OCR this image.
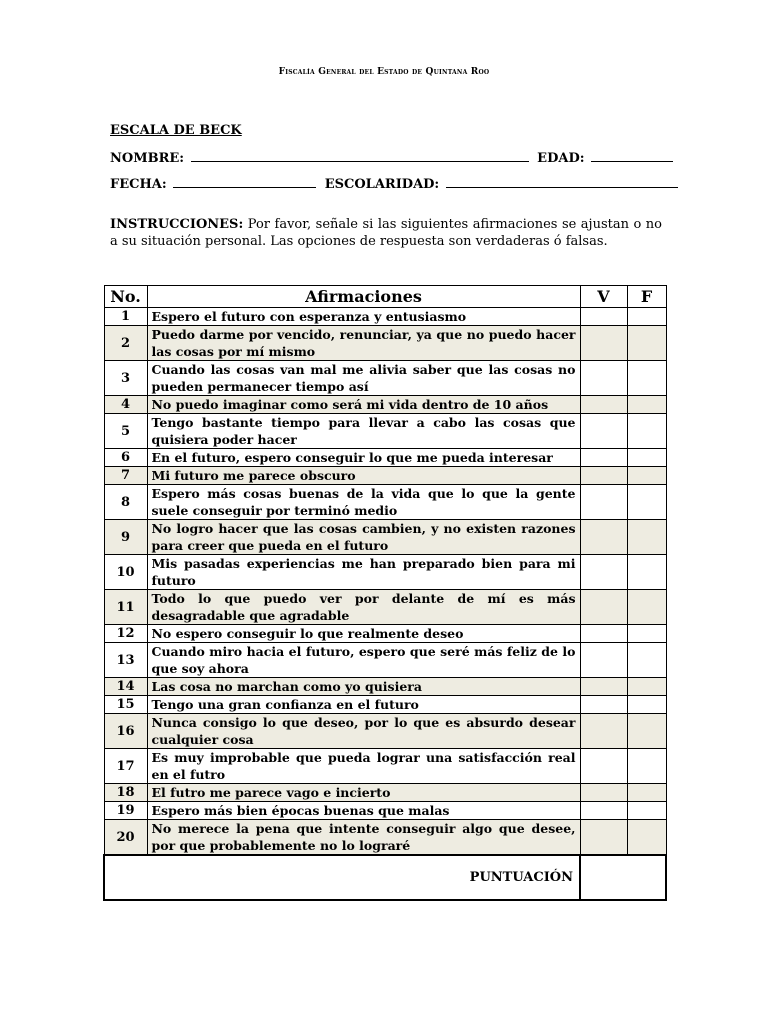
Fiscalía General del Estado de Quintana Roo
ESCALA DE BECK
NOMBRE:	EDAD:
FECHA:	ESCOLARIDAD:
INSTRUCCIONES: Por favor, señale si las siguientes afirmaciones se ajustan o no a su situación personal. Las opciones de respuesta son verdaderas ó falsas.
No.	Afirmaciones	V	F
1	Espero el futuro con esperanza y entusiasmo		
2	Puedo darme por vencido, renunciar, ya que no puedo hacer las cosas por mí mismo		
3	Cuando las cosas van mal me alivia saber que las cosas no pueden permanecer tiempo así		
4	No puedo imaginar como será mi vida dentro de 10 años		
5	Tengo bastante tiempo para llevar a cabo las cosas que quisiera poder hacer		
6	En el futuro, espero conseguir lo que me pueda interesar		
7	Mi futuro me parece obscuro		
8	Espero más cosas buenas de la vida que lo que la gente suele conseguir por terminó medio		
9	No logro hacer que las cosas cambien, y no existen razones para creer que pueda en el futuro		
10	Mis pasadas experiencias me han preparado bien para mi futuro		
11	Todo lo que puedo ver por delante de mí es más desagradable que agradable		
12	No espero conseguir lo que realmente deseo		
13	Cuando miro hacia el futuro, espero que seré más feliz de lo que soy ahora		
14	Las cosa no marchan como yo quisiera		
15	Tengo una gran confianza en el futuro		
16	Nunca consigo lo que deseo, por lo que es absurdo desear cualquier cosa		
17	Es muy improbable que pueda lograr una satisfacción real en el futro		
18	El futro me parece vago e incierto		
19	Espero más bien épocas buenas que malas		
20	No merece la pena que intente conseguir algo que desee, por que probablemente no lo lograré		
PUNTUACIÓN			
